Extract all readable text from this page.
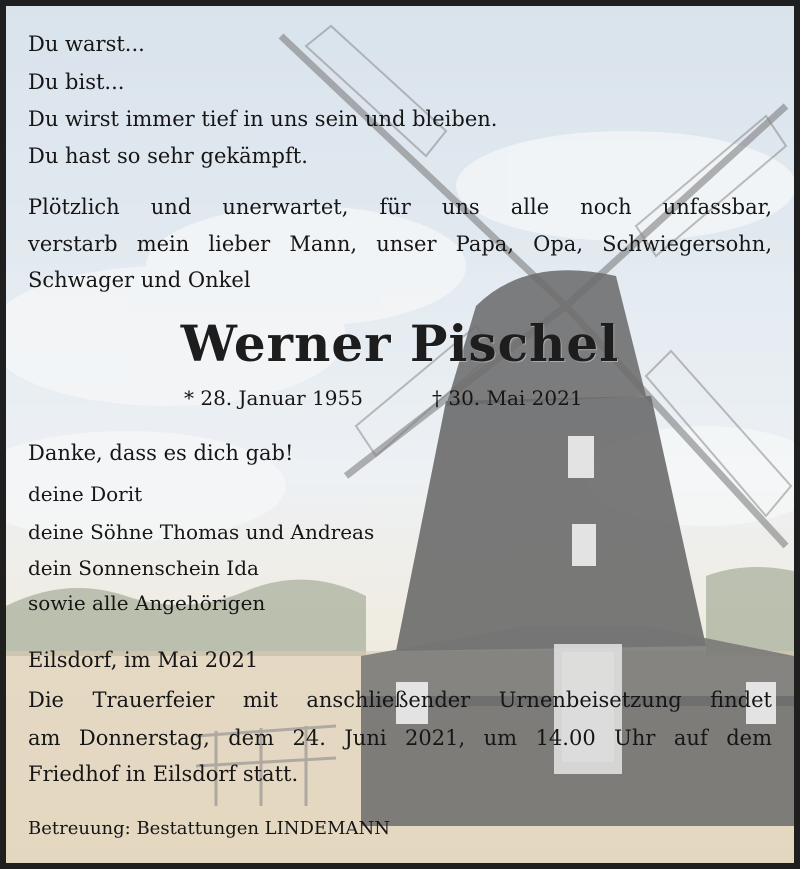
Du warst...

Du bist...

Du wirst immer tief in uns sein und bleiben.

Du hast so sehr gekämpft.

Plötzlich und unerwartet, für uns alle noch unfassbar,

verstarb mein lieber Mann, unser Papa, Opa, Schwiegersohn,

Schwager und Onkel

Werner Pischel

* 28. Januar 1955	† 30. Mai 2021

Danke, dass es dich gab!

deine Dorit

deine Söhne Thomas und Andreas

dein Sonnenschein Ida

sowie alle Angehörigen

Eilsdorf, im Mai 2021

Die Trauerfeier mit anschließender Urnenbeisetzung findet

am Donnerstag, dem 24. Juni 2021, um 14.00 Uhr auf dem

Friedhof in Eilsdorf statt.

Betreuung: Bestattungen LINDEMANN
